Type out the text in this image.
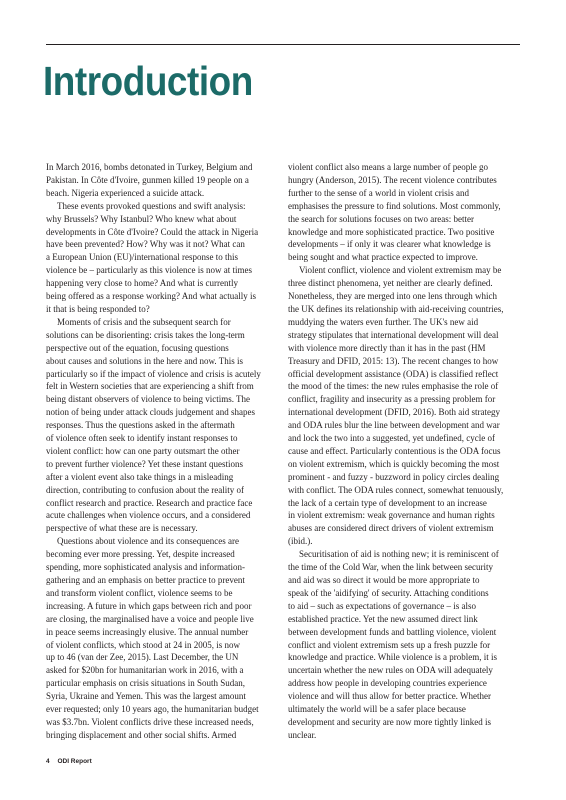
Introduction

In March 2016, bombs detonated in Turkey, Belgium and
Pakistan. In Côte d'Ivoire, gunmen killed 19 people on a
beach. Nigeria experienced a suicide attack.

These events provoked questions and swift analysis:
why Brussels? Why Istanbul? Who knew what about
developments in Côte d'Ivoire? Could the attack in Nigeria
have been prevented? How? Why was it not? What can
a European Union (EU)/international response to this
violence be – particularly as this violence is now at times
happening very close to home? And what is currently
being offered as a response working? And what actually is
it that is being responded to?

Moments of crisis and the subsequent search for
solutions can be disorienting: crisis takes the long-term
perspective out of the equation, focusing questions
about causes and solutions in the here and now. This is
particularly so if the impact of violence and crisis is acutely
felt in Western societies that are experiencing a shift from
being distant observers of violence to being victims. The
notion of being under attack clouds judgement and shapes
responses. Thus the questions asked in the aftermath
of violence often seek to identify instant responses to
violent conflict: how can one party outsmart the other
to prevent further violence? Yet these instant questions
after a violent event also take things in a misleading
direction, contributing to confusion about the reality of
conflict research and practice. Research and practice face
acute challenges when violence occurs, and a considered
perspective of what these are is necessary.

Questions about violence and its consequences are
becoming ever more pressing. Yet, despite increased
spending, more sophisticated analysis and information-
gathering and an emphasis on better practice to prevent
and transform violent conflict, violence seems to be
increasing. A future in which gaps between rich and poor
are closing, the marginalised have a voice and people live
in peace seems increasingly elusive. The annual number
of violent conflicts, which stood at 24 in 2005, is now
up to 46 (van der Zee, 2015). Last December, the UN
asked for $20bn for humanitarian work in 2016, with a
particular emphasis on crisis situations in South Sudan,
Syria, Ukraine and Yemen. This was the largest amount
ever requested; only 10 years ago, the humanitarian budget
was $3.7bn. Violent conflicts drive these increased needs,
bringing displacement and other social shifts. Armed

violent conflict also means a large number of people go
hungry (Anderson, 2015). The recent violence contributes
further to the sense of a world in violent crisis and
emphasises the pressure to find solutions. Most commonly,
the search for solutions focuses on two areas: better
knowledge and more sophisticated practice. Two positive
developments – if only it was clearer what knowledge is
being sought and what practice expected to improve.

Violent conflict, violence and violent extremism may be
three distinct phenomena, yet neither are clearly defined.
Nonetheless, they are merged into one lens through which
the UK defines its relationship with aid-receiving countries,
muddying the waters even further. The UK's new aid
strategy stipulates that international development will deal
with violence more directly than it has in the past (HM
Treasury and DFID, 2015: 13). The recent changes to how
official development assistance (ODA) is classified reflect
the mood of the times: the new rules emphasise the role of
conflict, fragility and insecurity as a pressing problem for
international development (DFID, 2016). Both aid strategy
and ODA rules blur the line between development and war
and lock the two into a suggested, yet undefined, cycle of
cause and effect. Particularly contentious is the ODA focus
on violent extremism, which is quickly becoming the most
prominent - and fuzzy - buzzword in policy circles dealing
with conflict. The ODA rules connect, somewhat tenuously,
the lack of a certain type of development to an increase
in violent extremism: weak governance and human rights
abuses are considered direct drivers of violent extremism
(ibid.).

Securitisation of aid is nothing new; it is reminiscent of
the time of the Cold War, when the link between security
and aid was so direct it would be more appropriate to
speak of the 'aidifying' of security. Attaching conditions
to aid – such as expectations of governance – is also
established practice. Yet the new assumed direct link
between development funds and battling violence, violent
conflict and violent extremism sets up a fresh puzzle for
knowledge and practice. While violence is a problem, it is
uncertain whether the new rules on ODA will adequately
address how people in developing countries experience
violence and will thus allow for better practice. Whether
ultimately the world will be a safer place because
development and security are now more tightly linked is
unclear.

4 ODI Report
